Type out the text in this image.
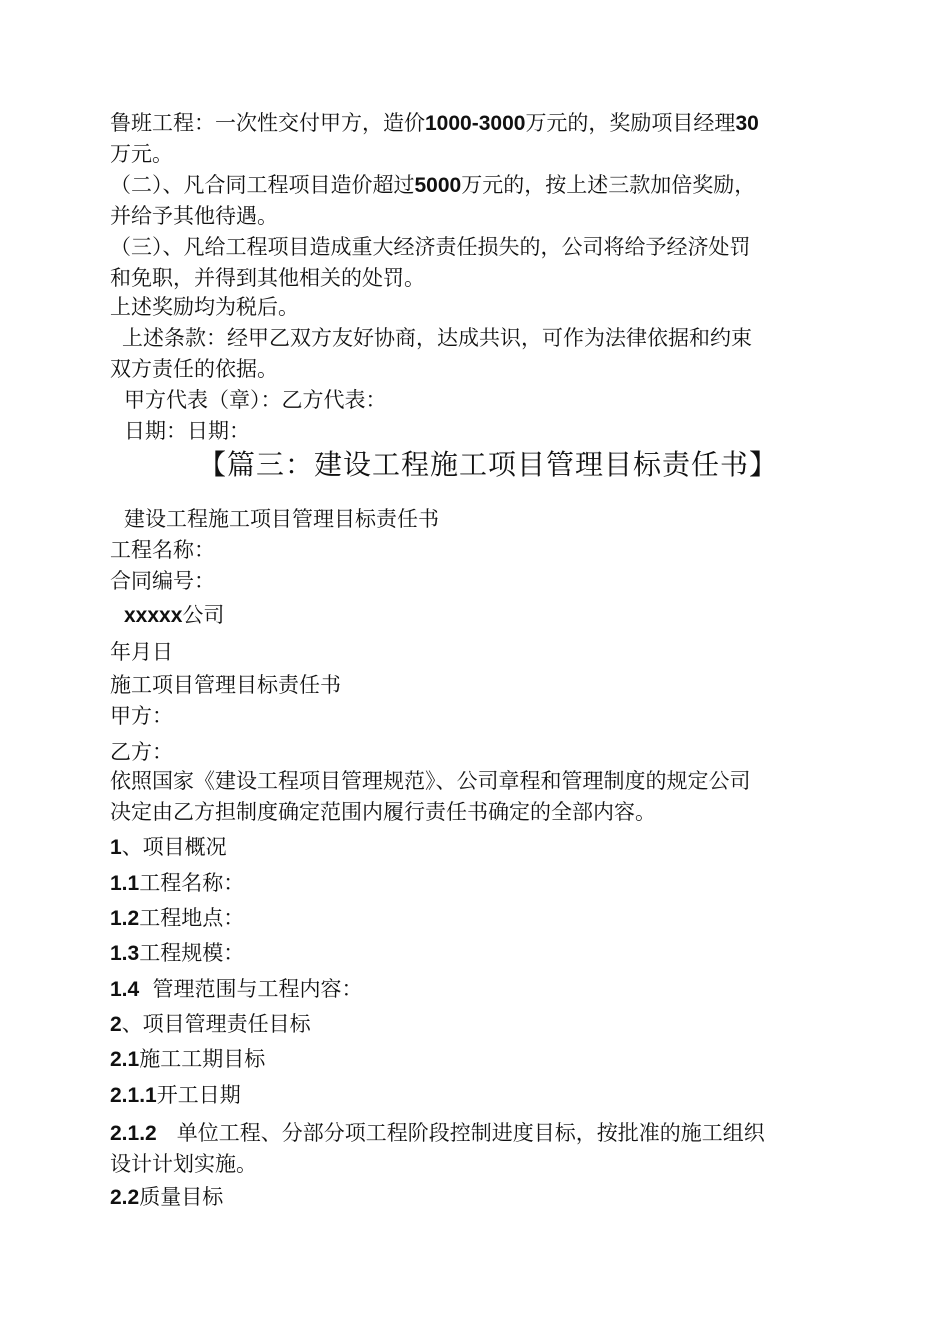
鲁班工程：一次性交付甲方，造价1000-3000万元的，奖励项目经理30
万元。
（二）、凡合同工程项目造价超过5000万元的，按上述三款加倍奖励，
并给予其他待遇。
（三）、凡给工程项目造成重大经济责任损失的，公司将给予经济处罚
和免职，并得到其他相关的处罚。
上述奖励均为税后。
上述条款：经甲乙双方友好协商，达成共识，可作为法律依据和约束
双方责任的依据。
甲方代表（章）：乙方代表：
日期：日期：
【篇三：建设工程施工项目管理目标责任书】
建设工程施工项目管理目标责任书
工程名称：
合同编号：
xxxxx公司
年月日
施工项目管理目标责任书
甲方：
乙方：
依照国家《建设工程项目管理规范》、公司章程和管理制度的规定公司
决定由乙方担制度确定范围内履行责任书确定的全部内容。
1、项目概况
1.1工程名称：
1.2工程地点：
1.3工程规模：
1.4  管理范围与工程内容：
2、项目管理责任目标
2.1施工工期目标
2.1.1开工日期
2.1.2   单位工程、分部分项工程阶段控制进度目标，按批准的施工组织
设计计划实施。
2.2质量目标
